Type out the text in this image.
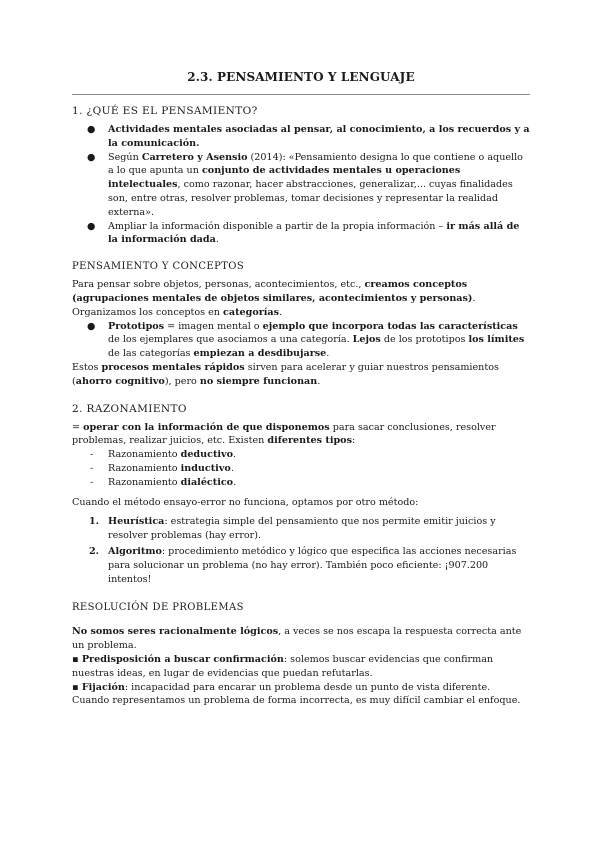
2.3. PENSAMIENTO Y LENGUAJE
1. ¿QUÉ ES EL PENSAMIENTO?
● Actividades mentales asociadas al pensar, al conocimiento, a los recuerdos y a la comunicación.
● Según Carretero y Asensio (2014): «Pensamiento designa lo que contiene o aquello a lo que apunta un conjunto de actividades mentales u operaciones intelectuales, como razonar, hacer abstracciones, generalizar,... cuyas finalidades son, entre otras, resolver problemas, tomar decisiones y representar la realidad externa».
● Ampliar la información disponible a partir de la propia información – ir más allá de la información dada.
PENSAMIENTO Y CONCEPTOS

Para pensar sobre objetos, personas, acontecimientos, etc., creamos conceptos (agrupaciones mentales de objetos similares, acontecimientos y personas). Organizamos los conceptos en categorías.

● Prototipos = imagen mental o ejemplo que incorpora todas las características de los ejemplares que asociamos a una categoría. Lejos de los prototipos los límites de las categorías empiezan a desdibujarse.

Estos procesos mentales rápidos sirven para acelerar y guiar nuestros pensamientos (ahorro cognitivo), pero no siempre funcionan.

2. RAZONAMIENTO

= operar con la información de que disponemos para sacar conclusiones, resolver problemas, realizar juicios, etc. Existen diferentes tipos:

- Razonamiento deductivo.
- Razonamiento inductivo.
- Razonamiento dialéctico.

Cuando el método ensayo-error no funciona, optamos por otro método:

1. Heurística: estrategia simple del pensamiento que nos permite emitir juicios y resolver problemas (hay error).
2. Algoritmo: procedimiento metódico y lógico que especifica las acciones necesarias para solucionar un problema (no hay error). También poco eficiente: ¡907.200 intentos!
RESOLUCIÓN DE PROBLEMAS

No somos seres racionalmente lógicos, a veces se nos escapa la respuesta correcta ante un problema.

▪ Predisposición a buscar confirmación: solemos buscar evidencias que confirman nuestras ideas, en lugar de evidencias que puedan refutarlas.

▪ Fijación: incapacidad para encarar un problema desde un punto de vista diferente. Cuando representamos un problema de forma incorrecta, es muy difícil cambiar el enfoque.
